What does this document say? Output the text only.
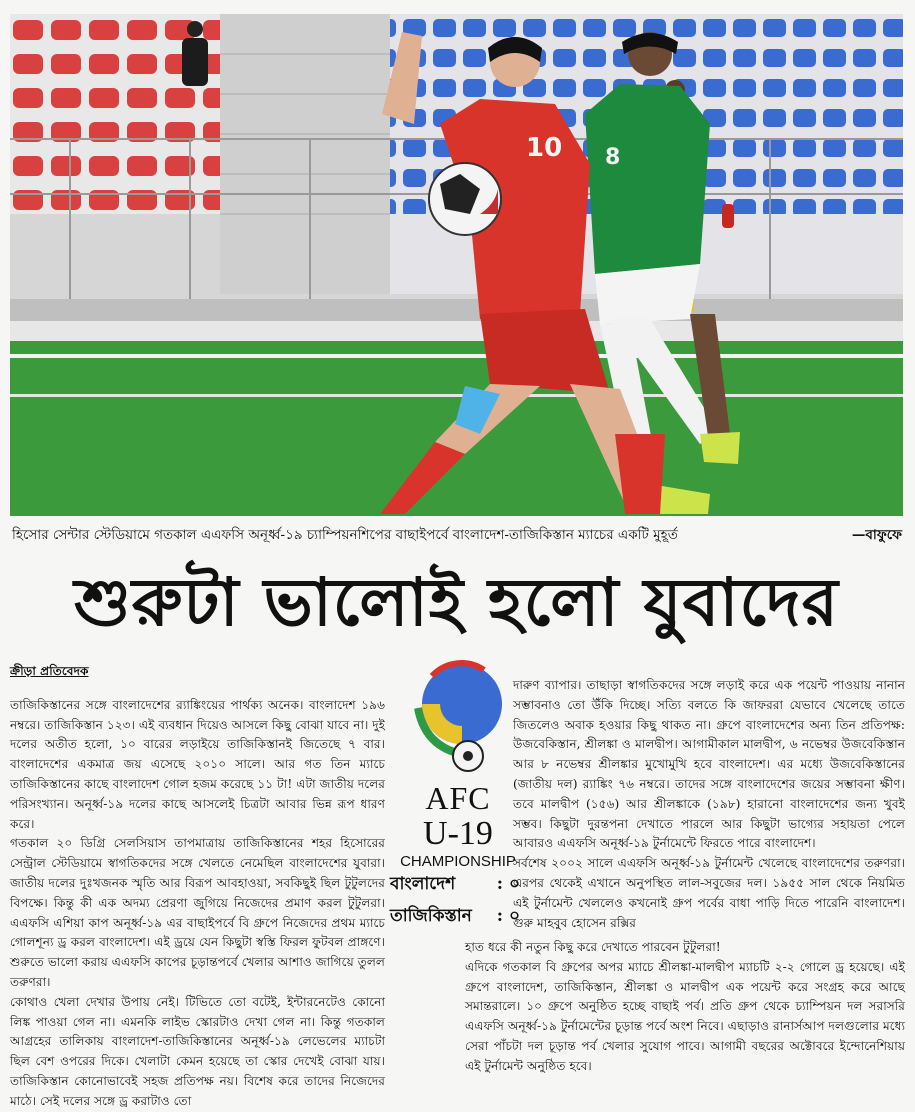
8
10
হিসোর সেন্টার স্টেডিয়ামে গতকাল এএফসি অনূর্ধ্ব-১৯ চ্যাম্পিয়নশিপের বাছাইপর্বে বাংলাদেশ-তাজিকিস্তান ম্যাচের একটি মুহূর্ত	—বাফুফে
শুরুটা ভালোই হলো যুবাদের

ক্রীড়া প্রতিবেদক

তাজিকিস্তানের সঙ্গে বাংলাদেশের র‍্যাঙ্কিংয়ের পার্থক্য অনেক। বাংলাদেশ ১৯৬ নম্বরে। তাজিকিস্তান ১২৩। এই ব্যবধান দিয়েও আসলে কিছু বোঝা যাবে না। দুই দলের অতীত হলো, ১০ বারের লড়াইয়ে তাজিকিস্তানই জিতেছে ৭ বার। বাংলাদেশের একমাত্র জয় এসেছে ২০১০ সালে। আর গত তিন ম্যাচে তাজিকিস্তানের কাছে বাংলাদেশ গোল হজম করেছে ১১ টা! এটা জাতীয় দলের পরিসংখ্যান। অনূর্ধ্ব-১৯ দলের কাছে আসলেই চিত্রটা আবার ভিন্ন রূপ ধারণ করে।

গতকাল ২০ ডিগ্রি সেলসিয়াস তাপমাত্রায় তাজিকিস্তানের শহর হিসোরের সেন্ট্রাল স্টেডিয়ামে স্বাগতিকদের সঙ্গে খেলতে নেমেছিল বাংলাদেশের যুবারা। জাতীয় দলের দুঃখজনক স্মৃতি আর বিরূপ আবহাওয়া, সবকিছুই ছিল টুটুলদের বিপক্ষে। কিন্তু কী এক অদম্য প্রেরণা জুগিয়ে নিজেদের প্রমাণ করল টুটুলরা। এএফসি এশিয়া কাপ অনূর্ধ্ব-১৯ এর বাছাইপর্বে বি গ্রুপে নিজেদের প্রথম ম্যাচে গোলশূন্য ড্র করল বাংলাদেশ। এই ড্রয়ে যেন কিছুটা স্বস্তি ফিরল ফুটবল প্রাঙ্গণে। শুরুতে ভালো করায় এএফসি কাপের চূড়ান্তপর্বে খেলার আশাও জাগিয়ে তুলল তরুণরা।

কোথাও খেলা দেখার উপায় নেই। টিভিতে তো বটেই, ইন্টারনেটেও কোনো লিঙ্ক পাওয়া গেল না। এমনকি লাইভ স্কোরটাও দেখা গেল না। কিন্তু গতকাল আগ্রহের তালিকায় বাংলাদেশ-তাজিকিস্তানের অনূর্ধ্ব-১৯ লেভেলের ম্যাচটা ছিল বেশ ওপরের দিকে। খেলাটা কেমন হয়েছে তা স্কোর দেখেই বোঝা যায়। তাজিকিস্তান কোনোভাবেই সহজ প্রতিপক্ষ নয়। বিশেষ করে তাদের নিজেদের মাঠে। সেই দলের সঙ্গে ড্র করাটাও তো

AFC
U-19
CHAMPIONSHIP
বাংলাদেশ : ০
তাজিকিস্তান : ০

দারুণ ব্যাপার। তাছাড়া স্বাগতিকদের সঙ্গে লড়াই করে এক পয়েন্ট পাওয়ায় নানান সম্ভাবনাও তো উঁকি দিচ্ছে। সত্যি বলতে কি জাফররা যেভাবে খেলেছে তাতে জিতলেও অবাক হওয়ার কিছু থাকত না। গ্রুপে বাংলাদেশের অন্য তিন প্রতিপক্ষ: উজবেকিস্তান, শ্রীলঙ্কা ও মালদ্বীপ। আগামীকাল মালদ্বীপ, ৬ নভেম্বর উজবেকিস্তান আর ৮ নভেম্বর শ্রীলঙ্কার মুখোমুখি হবে বাংলাদেশ। এর মধ্যে উজবেকিস্তানের (জাতীয় দল) র‍্যাঙ্কিং ৭৬ নম্বরে। তাদের সঙ্গে বাংলাদেশের জয়ের সম্ভাবনা ক্ষীণ। তবে মালদ্বীপ (১৫৬) আর শ্রীলঙ্কাকে (১৯৮) হারানো বাংলাদেশের জন্য খুবই সম্ভব। কিছুটা দুরন্তপনা দেখাতে পারলে আর কিছুটা ভাগ্যের সহায়তা পেলে আবারও এএফসি অনূর্ধ্ব-১৯ টুর্নামেন্টে ফিরতে পারে বাংলাদেশ।

সর্বশেষ ২০০২ সালে এএফসি অনূর্ধ্ব-১৯ টুর্নামেন্ট খেলেছে বাংলাদেশের তরুণরা। এরপর থেকেই এখানে অনুপস্থিত লাল-সবুজের দল। ১৯৫৫ সাল থেকে নিয়মিত এই টুর্নামেন্ট খেললেও কখনোই গ্রুপ পর্বের বাধা পাড়ি দিতে পারেনি বাংলাদেশ। গুরু মাহবুব হোসেন রক্সির

হাত ধরে কী নতুন কিছু করে দেখাতে পারবেন টুটুলরা!

এদিকে গতকাল বি গ্রুপের অপর ম্যাচে শ্রীলঙ্কা-মালদ্বীপ ম্যাচটি ২-২ গোলে ড্র হয়েছে। এই গ্রুপে বাংলাদেশ, তাজিকিস্তান, শ্রীলঙ্কা ও মালদ্বীপ এক পয়েন্ট করে সংগ্রহ করে আছে সমান্তরালে। ১০ গ্রুপে অনুষ্ঠিত হচ্ছে বাছাই পর্ব। প্রতি গ্রুপ থেকে চ্যাম্পিয়ন দল সরাসরি এএফসি অনূর্ধ্ব-১৯ টুর্নামেন্টের চূড়ান্ত পর্বে অংশ নিবে। এছাড়াও রানার্সআপ দলগুলোর মধ্যে সেরা পাঁচটা দল চূড়ান্ত পর্ব খেলার সুযোগ পাবে। আগামী বছরের অক্টোবরে ইন্দোনেশিয়ায় এই টুর্নামেন্ট অনুষ্ঠিত হবে।
